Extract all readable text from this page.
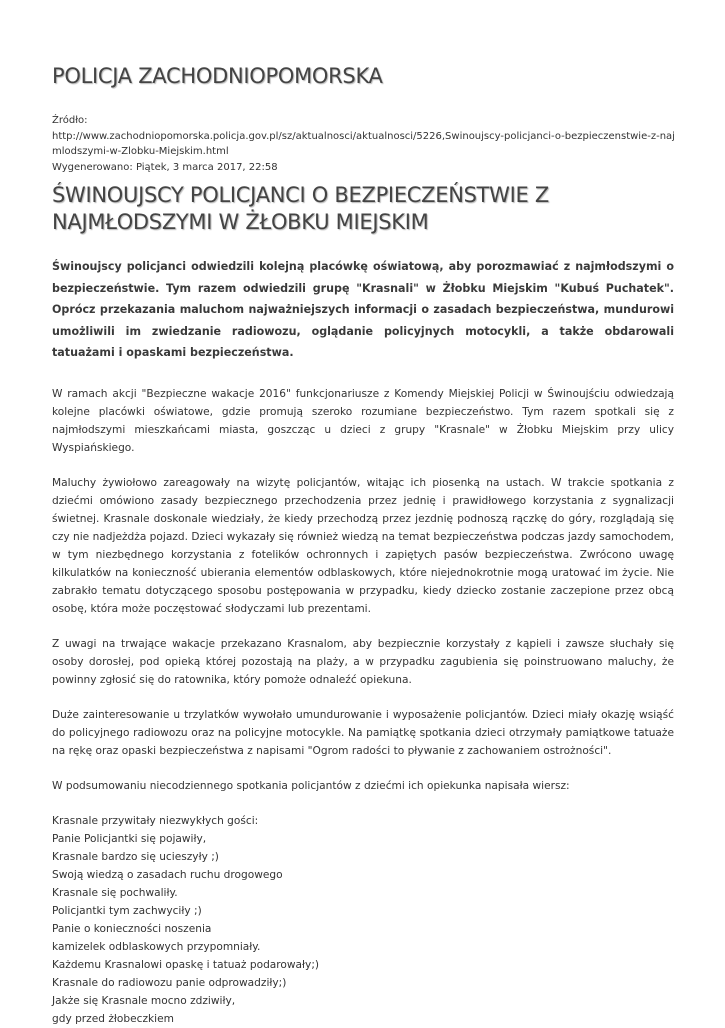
POLICJA ZACHODNIOPOMORSKA
Źródło:
http://www.zachodniopomorska.policja.gov.pl/sz/aktualnosci/aktualnosci/5226,Swinoujscy-policjanci-o-bezpieczenstwie-z-naj
mlodszymi-w-Zlobku-Miejskim.html
Wygenerowano: Piątek, 3 marca 2017, 22:58
ŚWINOUJSCY POLICJANCI O BEZPIECZEŃSTWIE Z NAJMŁODSZYMI W ŻŁOBKU MIEJSKIM

Świnoujscy policjanci odwiedzili kolejną placówkę oświatową, aby porozmawiać z najmłodszymi o bezpieczeństwie. Tym razem odwiedzili grupę "Krasnali" w Żłobku Miejskim "Kubuś Puchatek". Oprócz przekazania maluchom najważniejszych informacji o zasadach bezpieczeństwa, mundurowi umożliwili im zwiedzanie radiowozu, oglądanie policyjnych motocykli, a także obdarowali tatuażami i opaskami bezpieczeństwa.

W ramach akcji "Bezpieczne wakacje 2016" funkcjonariusze z Komendy Miejskiej Policji w Świnoujściu odwiedzają kolejne placówki oświatowe, gdzie promują szeroko rozumiane bezpieczeństwo. Tym razem spotkali się z najmłodszymi mieszkańcami miasta, goszcząc u dzieci z grupy "Krasnale" w Żłobku Miejskim przy ulicy Wyspiańskiego.

Maluchy żywiołowo zareagowały na wizytę policjantów, witając ich piosenką na ustach. W trakcie spotkania z dziećmi omówiono zasady bezpiecznego przechodzenia przez jednię i prawidłowego korzystania z sygnalizacji świetnej. Krasnale doskonale wiedziały, że kiedy przechodzą przez jezdnię podnoszą rączkę do góry, rozglądają się czy nie nadjeżdża pojazd. Dzieci wykazały się również wiedzą na temat bezpieczeństwa podczas jazdy samochodem, w tym niezbędnego korzystania z fotelików ochronnych i zapiętych pasów bezpieczeństwa. Zwrócono uwagę kilkulatków na konieczność ubierania elementów odblaskowych, które niejednokrotnie mogą uratować im życie. Nie zabrakło tematu dotyczącego sposobu postępowania w przypadku, kiedy dziecko zostanie zaczepione przez obcą osobę, która może poczęstować słodyczami lub prezentami.

Z uwagi na trwające wakacje przekazano Krasnalom, aby bezpiecznie korzystały z kąpieli i zawsze słuchały się osoby dorosłej, pod opieką której pozostają na plaży, a w przypadku zagubienia się poinstruowano maluchy, że powinny zgłosić się do ratownika, który pomoże odnaleźć opiekuna.

Duże zainteresowanie u trzylatków wywołało umundurowanie i wyposażenie policjantów. Dzieci miały okazję wsiąść do policyjnego radiowozu oraz na policyjne motocykle. Na pamiątkę spotkania dzieci otrzymały pamiątkowe tatuaże na rękę oraz opaski bezpieczeństwa z napisami "Ogrom radości to pływanie z zachowaniem ostrożności".

W podsumowaniu niecodziennego spotkania policjantów z dziećmi ich opiekunka napisała wiersz:

Krasnale przywitały niezwykłych gości:
Panie Policjantki się pojawiły,
Krasnale bardzo się ucieszyły ;)
Swoją wiedzą o zasadach ruchu drogowego
Krasnale się pochwaliły.
Policjantki tym zachwyciły ;)
Panie o konieczności noszenia
kamizelek odblaskowych przypomniały.
Każdemu Krasnalowi opaskę i tatuaż podarowały;)
Krasnale do radiowozu panie odprowadziły;)
Jakże się Krasnale mocno zdziwiły,
gdy przed żłobeczkiem
